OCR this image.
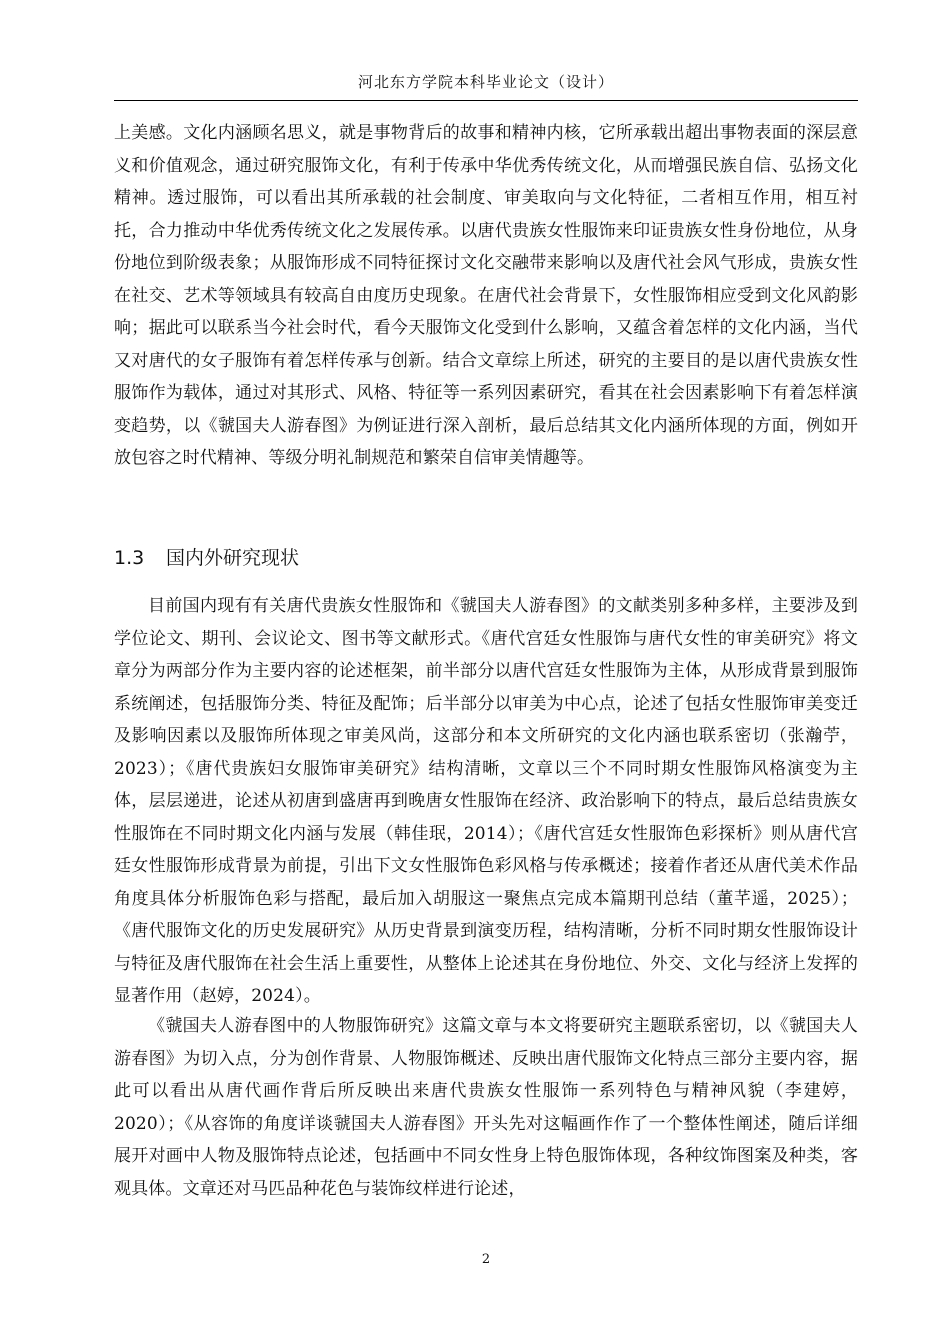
河北东方学院本科毕业论文（设计）

上美感。文化内涵顾名思义，就是事物背后的故事和精神内核，它所承载出超出事物表面的深层意义和价值观念，通过研究服饰文化，有利于传承中华优秀传统文化，从而增强民族自信、弘扬文化精神。透过服饰，可以看出其所承载的社会制度、审美取向与文化特征，二者相互作用，相互衬托，合力推动中华优秀传统文化之发展传承。以唐代贵族女性服饰来印证贵族女性身份地位，从身份地位到阶级表象；从服饰形成不同特征探讨文化交融带来影响以及唐代社会风气形成，贵族女性在社交、艺术等领域具有较高自由度历史现象。在唐代社会背景下，女性服饰相应受到文化风韵影响；据此可以联系当今社会时代，看今天服饰文化受到什么影响，又蕴含着怎样的文化内涵，当代又对唐代的女子服饰有着怎样传承与创新。结合文章综上所述，研究的主要目的是以唐代贵族女性服饰作为载体，通过对其形式、风格、特征等一系列因素研究，看其在社会因素影响下有着怎样演变趋势，以《虢国夫人游春图》为例证进行深入剖析，最后总结其文化内涵所体现的方面，例如开放包容之时代精神、等级分明礼制规范和繁荣自信审美情趣等。

1.3 国内外研究现状

目前国内现有有关唐代贵族女性服饰和《虢国夫人游春图》的文献类别多种多样，主要涉及到学位论文、期刊、会议论文、图书等文献形式。《唐代宫廷女性服饰与唐代女性的审美研究》将文章分为两部分作为主要内容的论述框架，前半部分以唐代宫廷女性服饰为主体，从形成背景到服饰系统阐述，包括服饰分类、特征及配饰；后半部分以审美为中心点，论述了包括女性服饰审美变迁及影响因素以及服饰所体现之审美风尚，这部分和本文所研究的文化内涵也联系密切（张瀚苧，2023）；《唐代贵族妇女服饰审美研究》结构清晰，文章以三个不同时期女性服饰风格演变为主体，层层递进，论述从初唐到盛唐再到晚唐女性服饰在经济、政治影响下的特点，最后总结贵族女性服饰在不同时期文化内涵与发展（韩佳珉，2014）；《唐代宫廷女性服饰色彩探析》则从唐代宫廷女性服饰形成背景为前提，引出下文女性服饰色彩风格与传承概述；接着作者还从唐代美术作品角度具体分析服饰色彩与搭配，最后加入胡服这一聚焦点完成本篇期刊总结（董芊遥，2025）；《唐代服饰文化的历史发展研究》从历史背景到演变历程，结构清晰，分析不同时期女性服饰设计与特征及唐代服饰在社会生活上重要性，从整体上论述其在身份地位、外交、文化与经济上发挥的显著作用（赵婷，2024）。

《虢国夫人游春图中的人物服饰研究》这篇文章与本文将要研究主题联系密切，以《虢国夫人游春图》为切入点，分为创作背景、人物服饰概述、反映出唐代服饰文化特点三部分主要内容，据此可以看出从唐代画作背后所反映出来唐代贵族女性服饰一系列特色与精神风貌（李建婷，2020）；《从容饰的角度详谈虢国夫人游春图》开头先对这幅画作作了一个整体性阐述，随后详细展开对画中人物及服饰特点论述，包括画中不同女性身上特色服饰体现，各种纹饰图案及种类，客观具体。文章还对马匹品种花色与装饰纹样进行论述，

2
